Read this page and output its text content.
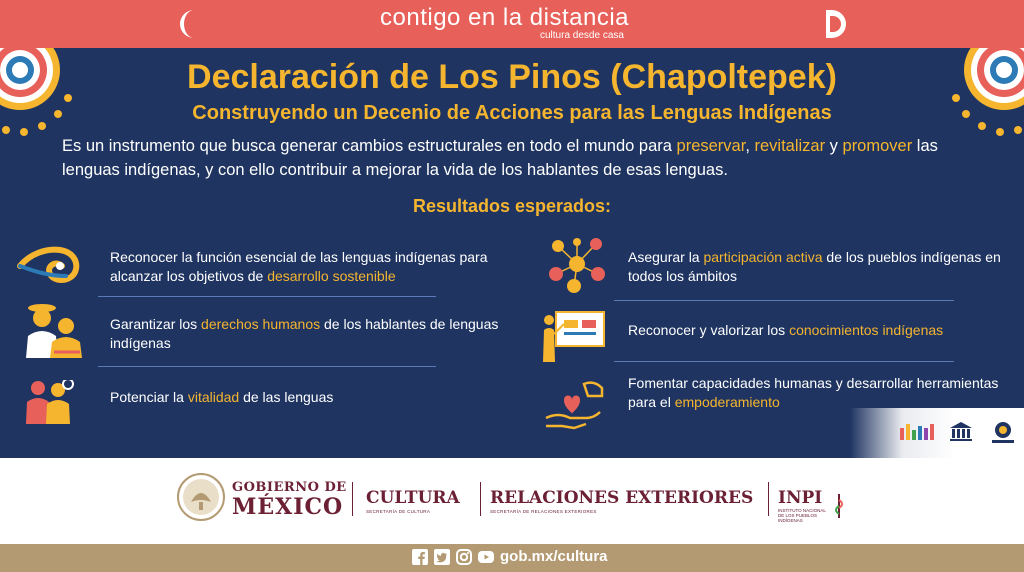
contigo en la distancia
cultura desde casa
Declaración de Los Pinos (Chapoltepek)
Construyendo un Decenio de Acciones para las Lenguas Indígenas

Es un instrumento que busca generar cambios estructurales en todo el mundo para preservar, revitalizar y promover las lenguas indígenas, y con ello contribuir a mejorar la vida de los hablantes de esas lenguas.

Resultados esperados:

Reconocer la función esencial de las lenguas indígenas para alcanzar los objetivos de desarrollo sostenible

Garantizar los derechos humanos de los hablantes de lenguas indígenas

Potenciar la vitalidad de las lenguas

Asegurar la participación activa de los pueblos indígenas en todos los ámbitos

Reconocer y valorizar los conocimientos indígenas

Fomentar capacidades humanas y desarrollar herramientas para el empoderamiento

GOBIERNO DE
MÉXICO CULTURA
SECRETARÍA DE CULTURA
RELACIONES EXTERIORES
SECRETARÍA DE RELACIONES EXTERIORES
INPI
INSTITUTO NACIONAL DE LOS PUEBLOS INDÍGENAS
gob.mx/cultura
